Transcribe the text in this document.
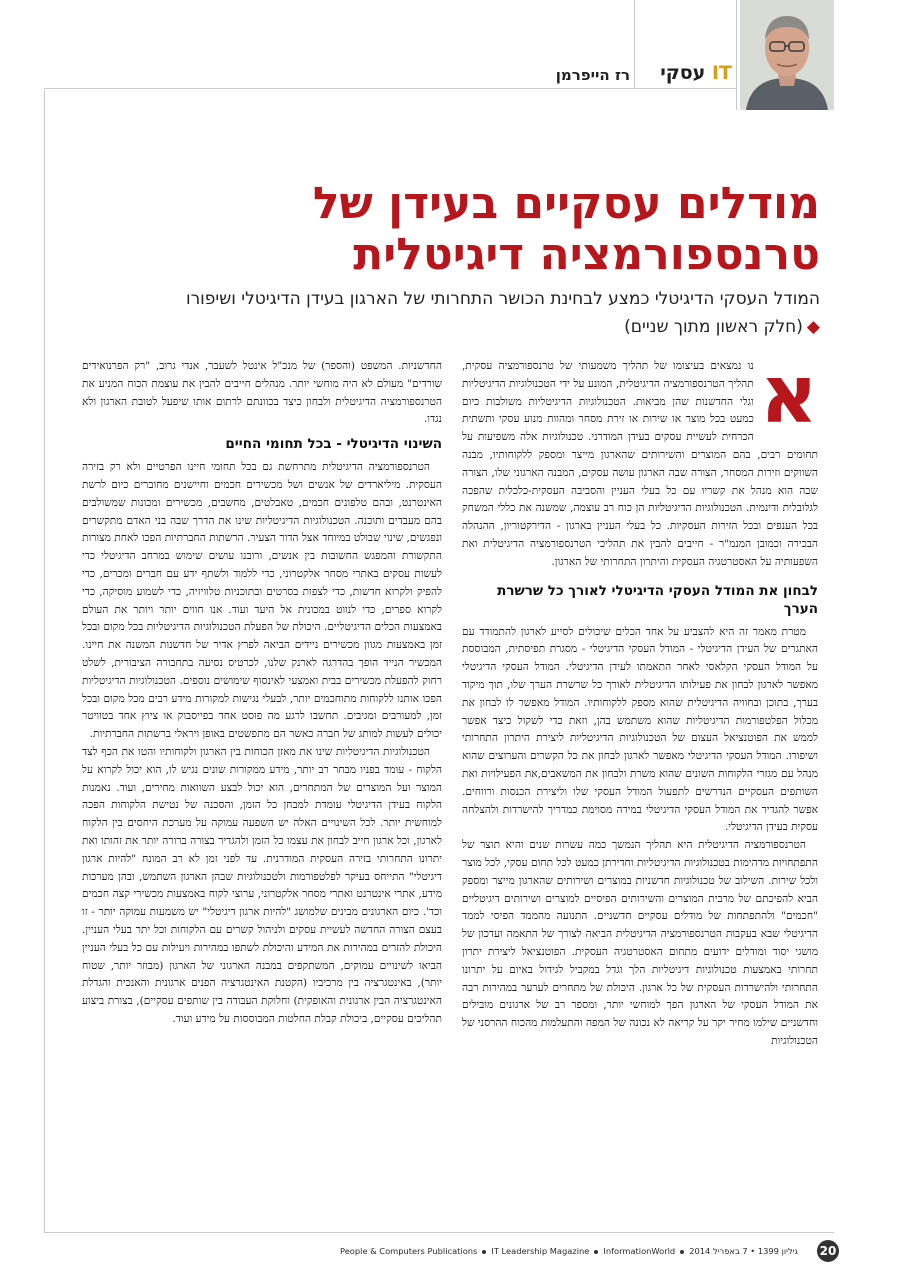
IT עסקי
רז הייפרמן
מודלים עסקיים בעידן של
טרנספורמציה דיגיטלית

המודל העסקי הדיגיטלי כמצע לבחינת הכושר התחרותי של הארגון בעידן הדיגיטלי ושיפורו
◆(חלק ראשון מתוך שניים)

א

נו נמצאים בעיצומו של תהליך משמעותי של טרנספורמציה עסקית, תהליך הטרנספורמציה הדיגיטלית, המונע על ידי הטכנולוגיות הדיגיטליות וגלי החדשנות שהן מביאות. הטכנולוגיות הדיגיטליות משולבות כיום כמעט בכל מוצר או שירות או זירת מסחר ומהוות מנוע עסקי ותשתית הכרחית לעשיית עסקים בעידן המודרני. טכנולוגיות אלה משפיעות על תחומים רבים, בהם המוצרים והשירותים שהארגון מייצר ומספק ללקוחותיו, מבנה השווקים וזירות המסחר, הצורה שבה הארגון עושה עסקים, המבנה הארגוני שלו, הצורה שבה הוא מנהל את קשריו עם כל בעלי העניין והסביבה העסקית-כלכלית שהפכה לגלובלית ודינמית. הטכנולוגיות הדיגיטליות הן כוח רב עוצמה, שמשנה את כללי המשחק בכל הענפים ובכל הזירות העסקיות. כל בעלי העניין בארגון - הדירקטוריון, ההנהלה הבכירה וכמובן המנמ"ר - חייבים להבין את תהליכי הטרנספורמציה הדיגיטלית ואת השפעותיה על האסטרטגיה העסקית והיתרון התחרותי של הארגון.

לבחון את המודל העסקי הדיגיטלי לאורך כל שרשרת הערך

מטרת מאמר זה היא להצביע על אחד הכלים שיכולים לסייע לארגון להתמודד עם האתגרים של העידן הדיגיטלי - המודל העסקי הדיגיטלי - מסגרת תפיסתית, המבוססת על המודל העסקי הקלאסי לאחר התאמתו לעידן הדיגיטלי. המודל העסקי הדיגיטלי מאפשר לארגון לבחון את פעילותו הדיגיטלית לאורך כל שרשרת הערך שלו, תוך מיקוד בערך, בתוכן ובחוויה הדיגיטלית שהוא מספק ללקוחותיו. המודל מאפשר לו לבחון את מכלול הפלטפורמות הדיגיטליות שהוא משתמש בהן, וזאת כדי לשקול כיצד אפשר לממש את הפוטנציאל העצום של הטכנולוגיות הדיגיטליות ליצירת היתרון התחרותי ושיפורו. המודל העסקי הדיגיטלי מאפשר לארגון לבחון את כל הקשרים והערוצים שהוא מנהל עם מגזרי הלקוחות השונים שהוא משרת ולבחון את המשאבים,את הפעילויות ואת השותפים העסקיים הנדרשים לתפעול המודל העסקי שלו וליצירת הכנסות ורווחים. אפשר להגדיר את המודל העסקי הדיגיטלי במידה מסוימת כמדריך להישרדות ולהצלחה עסקית בעידן הדיגיטלי.

הטרנספורמציה הדיגיטלית היא תהליך הנמשך כמה עשרות שנים והיא תוצר של התפתחויות מדהימות בטכנולוגיות הדיגיטליות וחדירתן כמעט לכל תחום עסקי, לכל מוצר ולכל שירות. השילוב של טכנולוגיות חדשניות במוצרים ושירותים שהארגון מייצר ומספק הביא להפיכתם של מרבית המוצרים והשירותים הפיסיים למוצרים ושירותים דיגיטליים "חכמים" ולהתפתחות של מודלים עסקיים חדשניים. התנועה מהממד הפיסי לממד הדיגיטלי שבא בעקבות הטרנספורמציה הדיגיטלית הביאה לצורך של התאמה ועדכון של מושגי יסוד ומודלים ידועים מתחום האסטרטגיה העסקית. הפוטנציאל ליצירת יתרון תחרותי באמצעות טכנולוגיות דיגיטליות הלך וגדל במקביל לגידול באיום על יתרונו התחרותי ולהישרדות העסקית של כל ארגון. היכולת של מתחרים לערער במהירות רבה את המודל העסקי של הארגון הפך למוחשי יותר, ומספר רב של ארגונים מובילים וחדשניים שילמו מחיר יקר על קריאה לא נכונה של המפה והתעלמות מהכוח ההרסני של הטכנולוגיות

החדשניות. המשפט (והספר) של מנכ"ל אינטל לשעבר, אנדי גרוב, "רק הפרנואידים שורדים" מעולם לא היה מוחשי יותר. מנהלים חייבים להבין את עוצמת הכוח המניע את הטרנספורמציה הדיגיטלית ולבחון כיצד בכוונתם לרתום אותו שיפעל לטובת הארגון ולא נגדו.

השינוי הדיגיטלי - בכל תחומי החיים

הטרנספורמציה הדיגיטלית מתרחשת גם בכל תחומי חיינו הפרטיים ולא רק בזירה העסקית. מיליארדים של אנשים ושל מכשירים חכמים וחיישנים מחוברים כיום לרשת האינטרנט, ובהם טלפונים חכמים, טאבלטים, מחשבים, מכשירים ומכונות שמשולבים בהם מעבדים ותוכנה. הטכנולוגיות הדיגיטליות שינו את הדרך שבה בני האדם מתקשרים ונפגשים, שינוי שבולט במיוחד אצל הדור הצעיר. הרשתות החברתיות הפכו לאחת מצורות התקשורת והמפגש החשובות בין אנשים, ורובנו עושים שימוש במרחב הדיגיטלי כדי לעשות עסקים באתרי מסחר אלקטרוני, כדי ללמוד ולשתף ידע עם חברים ומכרים, כדי להפיק ולקרוא חדשות, כדי לצפות בסרטים ובתוכניות טלוויזיה, כדי לשמוע מוסיקה, כדי לקרוא ספרים, כדי לנווט במכונית אל היעד ועוד. אנו חווים יותר ויותר את העולם באמצעות הכלים הדיגיטליים. היכולת של הפעלת הטכנולוגיות הדיגיטליות בכל מקום ובכל זמן באמצעות מגוון מכשירים ניידים הביאה לפרץ אדיר של חדשנות המשנה את חיינו. המכשיר הנייד הופך בהדרגה לארנק שלנו, לכרטיס נסיעה בתחבורה הציבורית, לשלט רחוק להפעלת מכשירים בבית ואמצעי לאינסוף שימושים נוספים. הטכנולוגיות הדיגיטליות הפכו אותנו ללקוחות מתוחכמים יותר, לבעלי נגישות למקורות מידע רבים מכל מקום ובכל זמן, למעורבים ומגיבים. תחשבו לרגע מה פוסט אחד בפייסבוק או ציוץ אחד בטוויטר יכולים לעשות למותג של חברה כאשר הם מתפשטים באופן ויראלי ברשתות החברתיות.

הטכנולוגיות הדיגיטליות שינו את מאזן הכוחות בין הארגון ולקוחותיו והטו את הכף לצד הלקוח - עומד בפניו מבחר רב יותר, מידע ממקורות שונים נגיש לו, הוא יכול לקרוא על המוצר ועל המוצרים של המתחרים, הוא יכול לבצע השוואות מחירים, ועוד. נאמנות הלקוח בעידן הדיגיטלי עומדת למבחן כל הזמן, והסכנה של נטישת הלקוחות הפכה למוחשית יותר. לכל השינויים האלה יש השפעה עמוקה על מערכת היחסים בין הלקוח לארגון, וכל ארגון חייב לבחון את עצמו כל הזמן ולהגדיר בצורה ברורה יותר את זהותו ואת יתרונו התחרותי בזירה העסקית המודרנית. עד לפני זמן לא רב המונח "להיות ארגון דיגיטלי" התייחס בעיקר לפלטפורמות ולטכנולוגיות שבהן הארגון השתמש, ובהן מערכות מידע, אתרי אינטרנט ואתרי מסחר אלקטרוני, ערוצי לקוח באמצעות מכשירי קצה חכמים וכד'. כיום הארגונים מבינים שלמושג "להיות ארגון דיגיטלי" יש משמעות עמוקה יותר - זו בעצם הצורה החדשה לעשיית עסקים ולניהול קשרים עם הלקוחות וכל יתר בעלי העניין. היכולת להזרים במהירות את המידע והיכולת לשתפו במהירות ויעילות עם כל בעלי העניין הביאו לשינויים עמוקים, המשתקפים במבנה הארגוני של הארגון (מבוזר יותר, שטוח יותר), באינטגרציה בין מרכיביו (הקטנת האינטגרציה הפנים ארגונית והאנכית והגדלת האינטגרציה הבין ארגונית והאופקית) וחלוקת העבודה בין שותפים עסקיים), בצורת ביצוע תהליכים עסקיים, ביכולת קבלת החלטות המבוססות על מידע ועוד.

People & Computers Publications IT Leadership Magazine InformationWorld גיליון 1399 • 7 באפריל 2014	20
